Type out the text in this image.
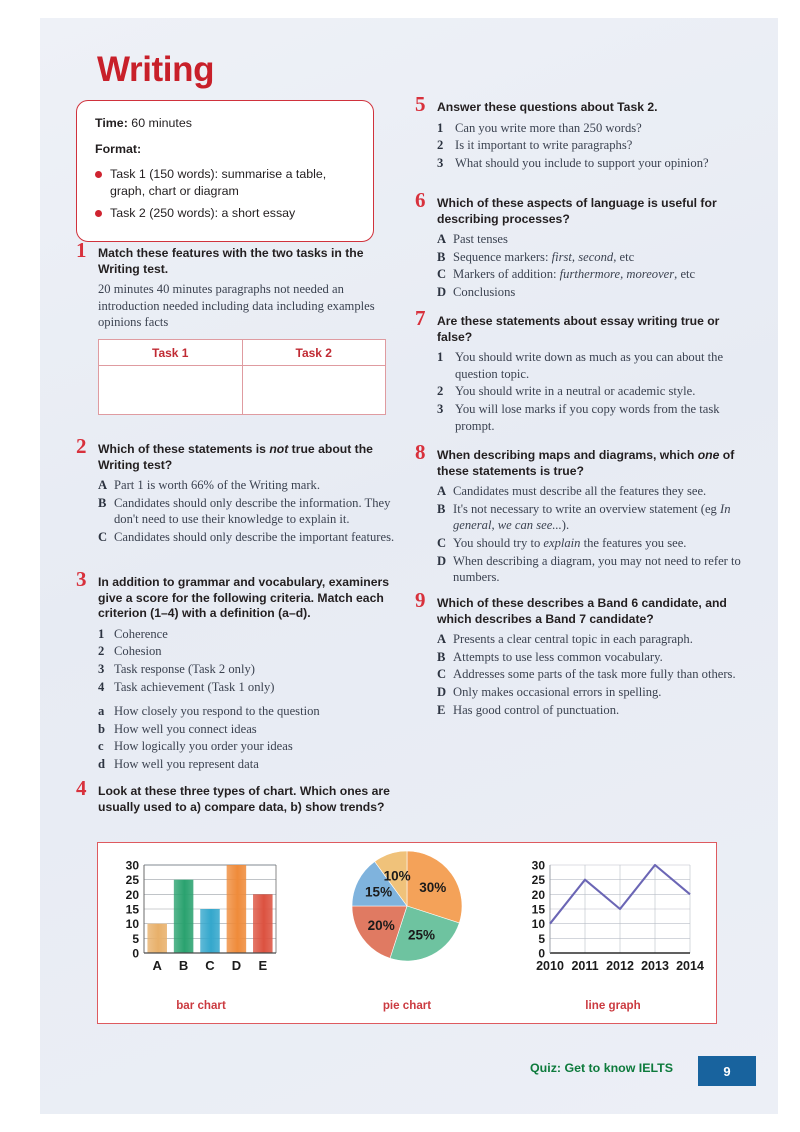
Writing
Time: 60 minutes
Format:
Task 1 (150 words): summarise a table, graph, chart or diagram
Task 2 (250 words): a short essay
1 Match these features with the two tasks in the Writing test.
20 minutes 40 minutes paragraphs not needed an introduction needed including data including examples opinions facts
Task 1	Task 2

2 Which of these statements is not true about the Writing test?
A Part 1 is worth 66% of the Writing mark.
B Candidates should only describe the information. They don't need to use their knowledge to explain it.
C Candidates should only describe the important features.
3 In addition to grammar and vocabulary, examiners give a score for the following criteria. Match each criterion (1–4) with a definition (a–d).
1 Coherence
2 Cohesion
3 Task response (Task 2 only)
4 Task achievement (Task 1 only)
a How closely you respond to the question
b How well you connect ideas
c How logically you order your ideas
d How well you represent data
4 Look at these three types of chart. Which ones are usually used to a) compare data, b) show trends?
5 Answer these questions about Task 2.
1 Can you write more than 250 words?
2 Is it important to write paragraphs?
3 What should you include to support your opinion?
6 Which of these aspects of language is useful for describing processes?
A Past tenses
B Sequence markers: first, second, etc
C Markers of addition: furthermore, moreover, etc
D Conclusions
7 Are these statements about essay writing true or false?
1 You should write down as much as you can about the question topic.
2 You should write in a neutral or academic style.
3 You will lose marks if you copy words from the task prompt.
8 When describing maps and diagrams, which one of these statements is true?
A Candidates must describe all the features they see.
B It's not necessary to write an overview statement (eg In general, we can see...).
C You should try to explain the features you see.
D When describing a diagram, you may not need to refer to numbers.
9 Which of these describes a Band 6 candidate, and which describes a Band 7 candidate?
A Presents a clear central topic in each paragraph.
B Attempts to use less common vocabulary.
C Addresses some parts of the task more fully than others.
D Only makes occasional errors in spelling.
E Has good control of punctuation.
0
5
10
15
20
25
30
A B C D E
bar chart
30%
25%
20%
15%
10%
pie chart
0
5
10
15
20
25
30
2010 2011 2012 2013 2014
line graph
Quiz: Get to know IELTS	9
